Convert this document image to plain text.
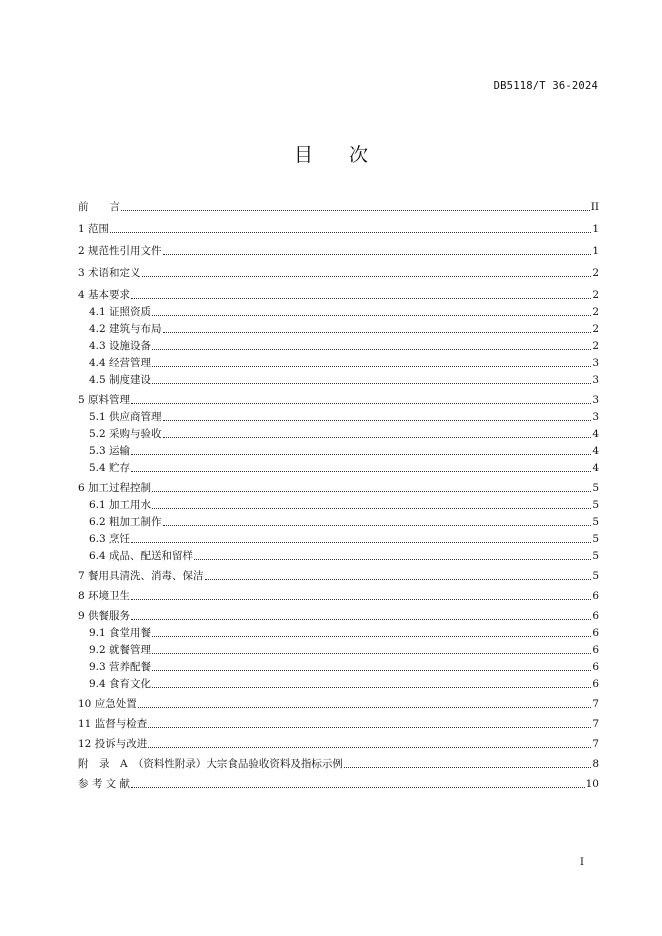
DB5118/T 36-2024
目 次
前　　言	II
1 范围	1
2 规范性引用文件	1
3 术语和定义	2
4 基本要求	2
4.1 证照资质	2
4.2 建筑与布局	2
4.3 设施设备	2
4.4 经营管理	3
4.5 制度建设	3
5 原料管理	3
5.1 供应商管理	3
5.2 采购与验收	4
5.3 运输	4
5.4 贮存	4
6 加工过程控制	5
6.1 加工用水	5
6.2 粗加工制作	5
6.3 烹饪	5
6.4 成品、配送和留样	5
7 餐用具清洗、消毒、保洁	5
8 环境卫生	6
9 供餐服务	6
9.1 食堂用餐	6
9.2 就餐管理	6
9.3 营养配餐	6
9.4 食育文化	6
10 应急处置	7
11 监督与检查	7
12 投诉与改进	7
附　录　A　（资料性附录）大宗食品验收资料及指标示例	8
参 考 文 献	10
I
